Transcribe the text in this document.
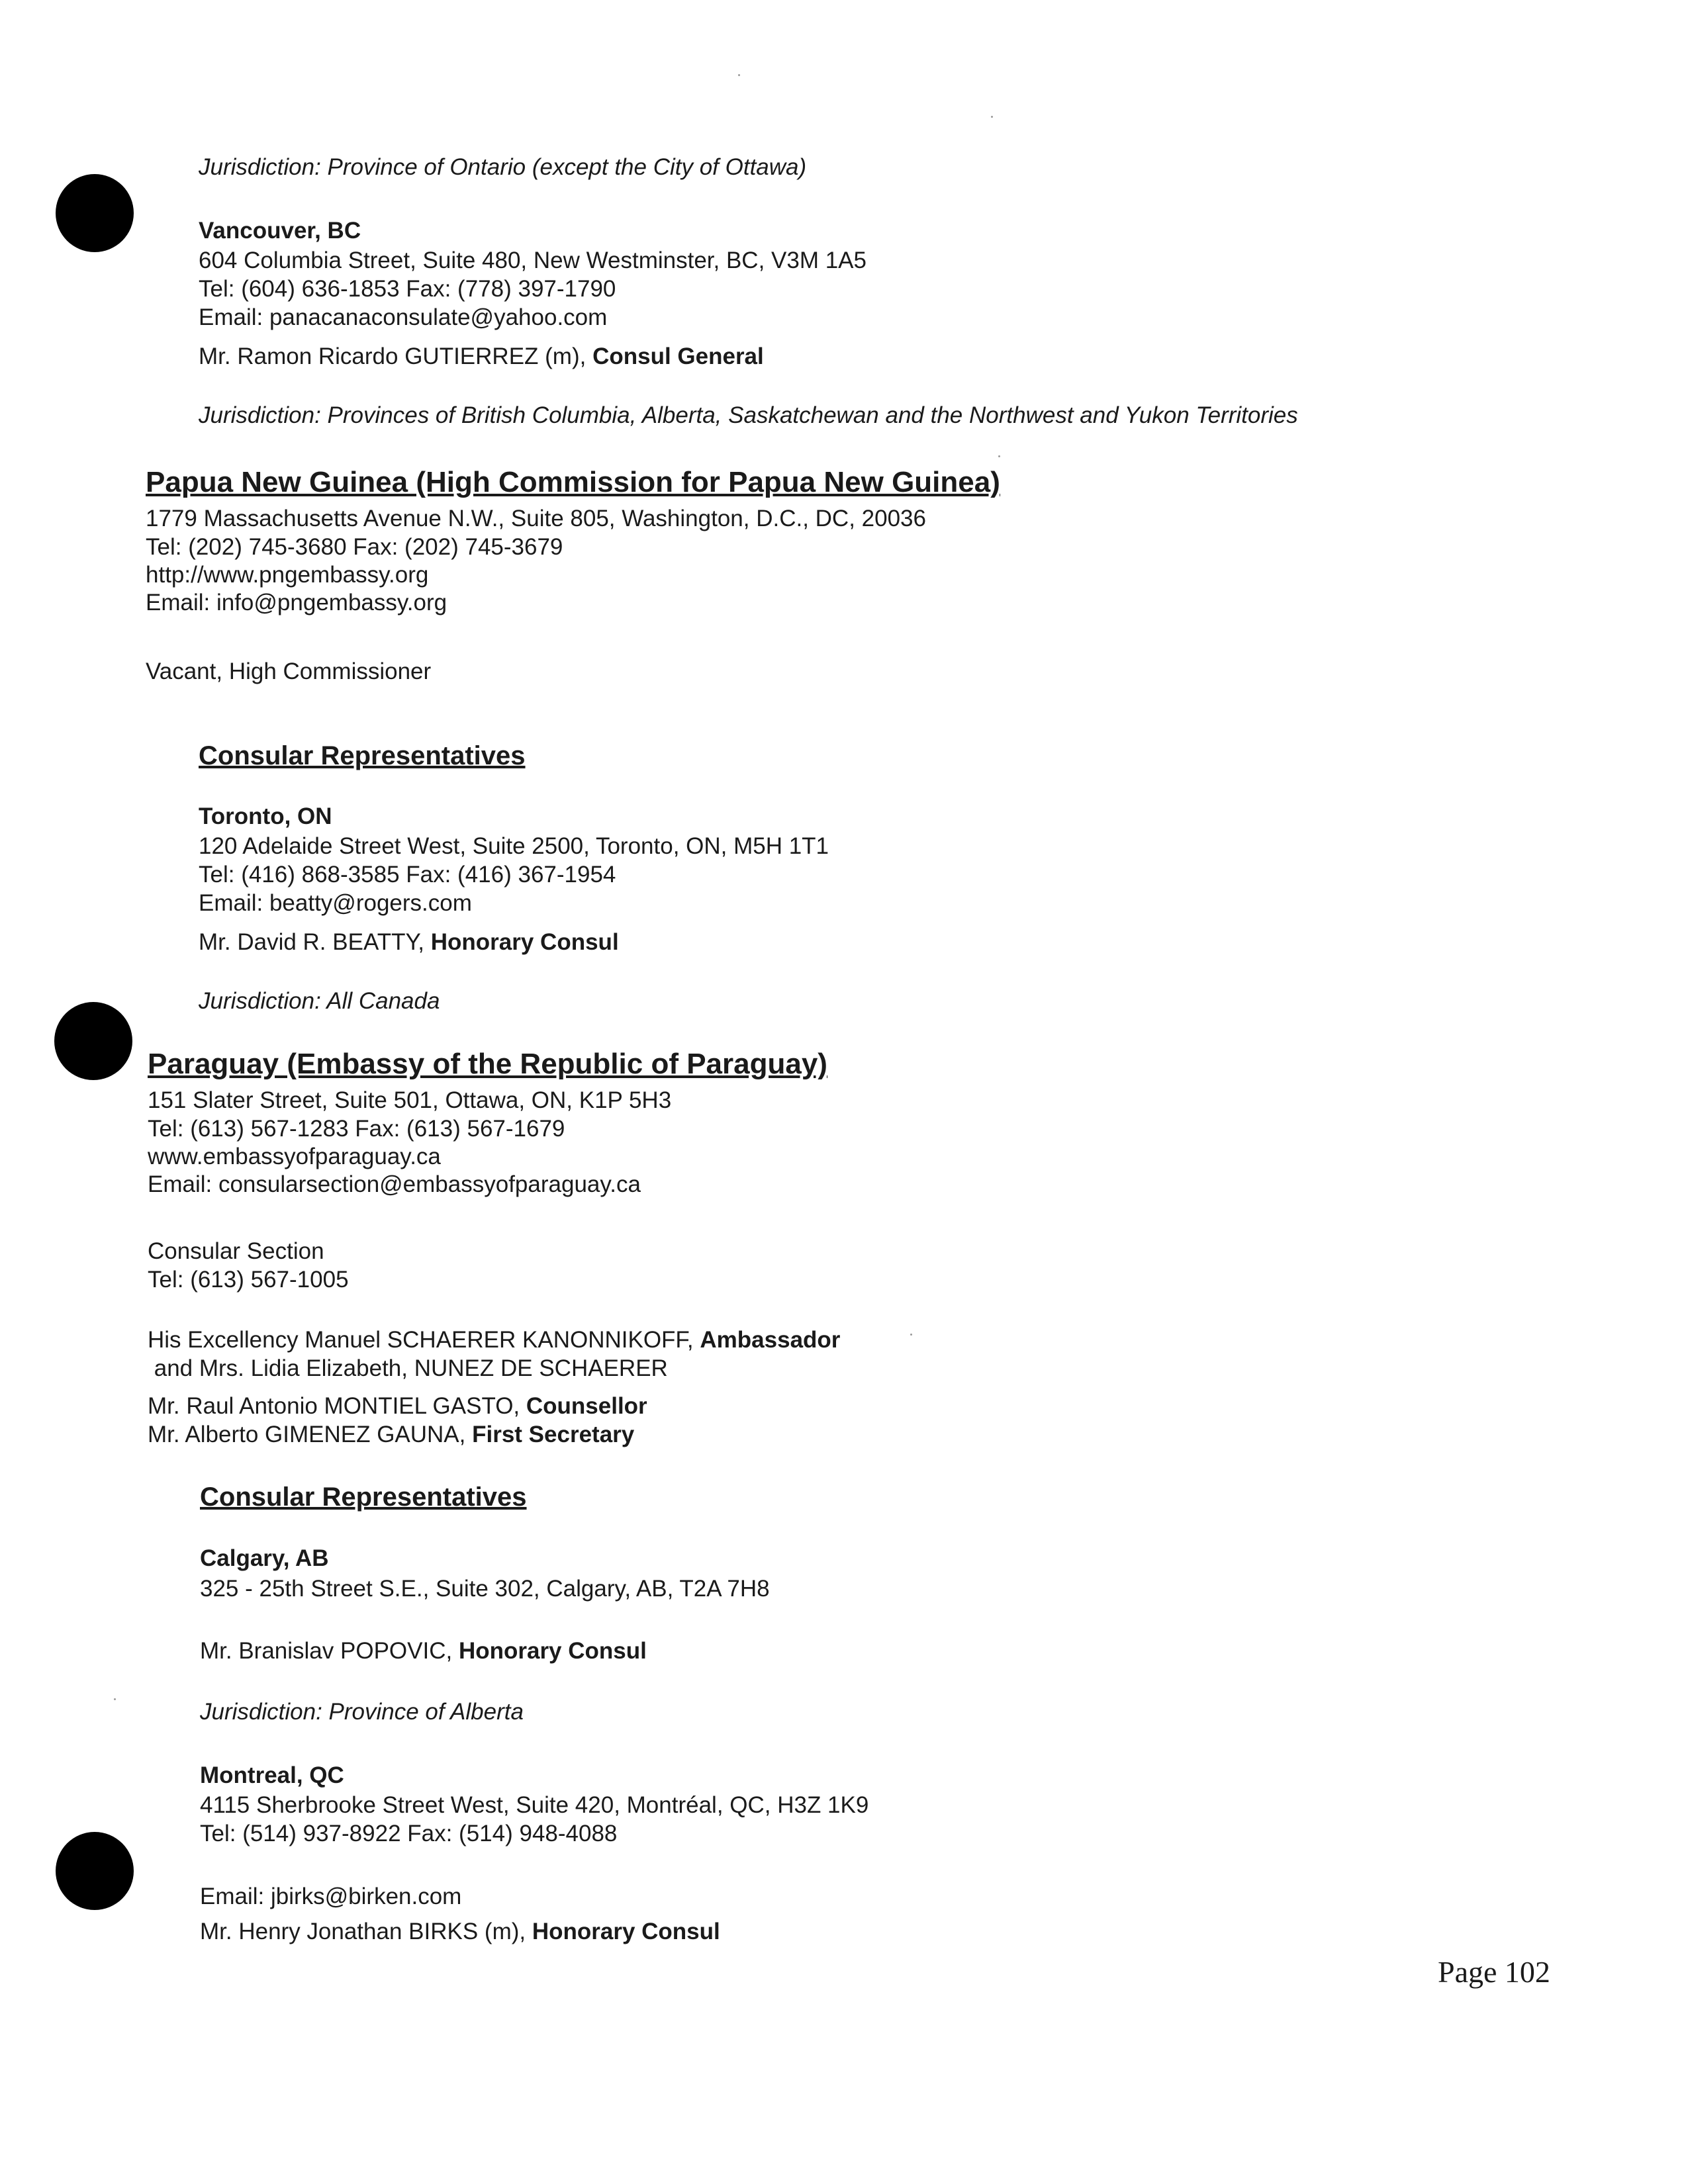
Jurisdiction: Province of Ontario (except the City of Ottawa)
Vancouver, BC
604 Columbia Street, Suite 480, New Westminster, BC, V3M 1A5
Tel: (604) 636-1853 Fax: (778) 397-1790
Email: panacanaconsulate@yahoo.com
Mr. Ramon Ricardo GUTIERREZ (m), Consul General
Jurisdiction: Provinces of British Columbia, Alberta, Saskatchewan and the Northwest and Yukon Territories
Papua New Guinea (High Commission for Papua New Guinea)
1779 Massachusetts Avenue N.W., Suite 805, Washington, D.C., DC, 20036
Tel: (202) 745-3680 Fax: (202) 745-3679
http://www.pngembassy.org
Email: info@pngembassy.org
Vacant, High Commissioner
Consular Representatives
Toronto, ON
120 Adelaide Street West, Suite 2500, Toronto, ON, M5H 1T1
Tel: (416) 868-3585 Fax: (416) 367-1954
Email: beatty@rogers.com
Mr. David R. BEATTY, Honorary Consul
Jurisdiction: All Canada
Paraguay (Embassy of the Republic of Paraguay)
151 Slater Street, Suite 501, Ottawa, ON, K1P 5H3
Tel: (613) 567-1283 Fax: (613) 567-1679
www.embassyofparaguay.ca
Email: consularsection@embassyofparaguay.ca
Consular Section
Tel: (613) 567-1005
His Excellency Manuel SCHAERER KANONNIKOFF, Ambassador
and Mrs. Lidia Elizabeth, NUNEZ DE SCHAERER
Mr. Raul Antonio MONTIEL GASTO, Counsellor
Mr. Alberto GIMENEZ GAUNA, First Secretary
Consular Representatives
Calgary, AB
325 - 25th Street S.E., Suite 302, Calgary, AB, T2A 7H8
Mr. Branislav POPOVIC, Honorary Consul
Jurisdiction: Province of Alberta
Montreal, QC
4115 Sherbrooke Street West, Suite 420, Montréal, QC, H3Z 1K9
Tel: (514) 937-8922 Fax: (514) 948-4088
Email: jbirks@birken.com
Mr. Henry Jonathan BIRKS (m), Honorary Consul
Page 102
